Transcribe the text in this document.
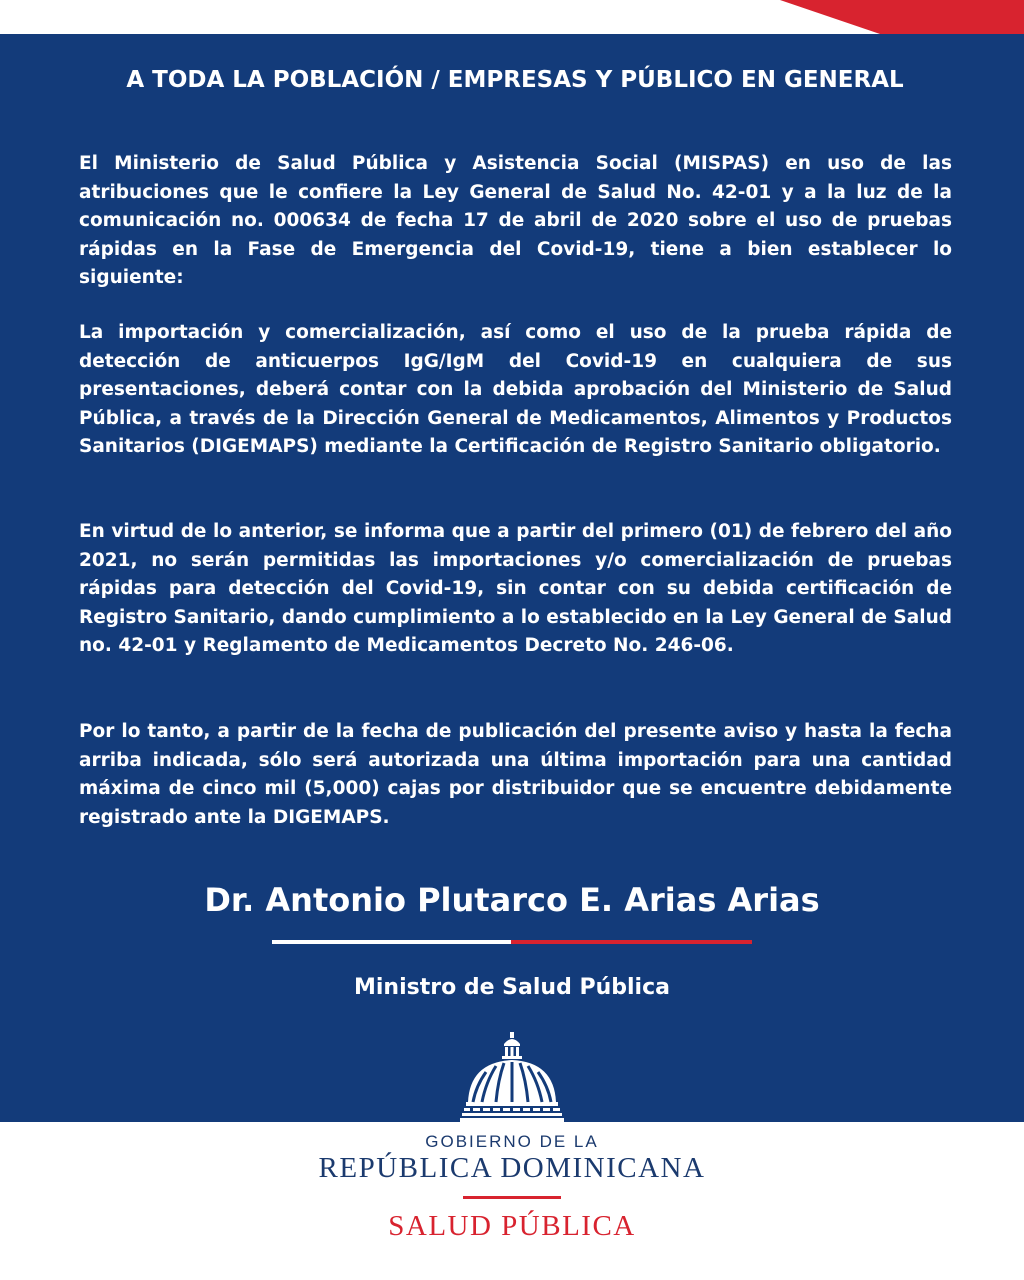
A TODA LA POBLACIÓN / EMPRESAS Y PÚBLICO EN GENERAL

El Ministerio de Salud Pública y Asistencia Social (MISPAS) en uso de las atribuciones que le confiere la Ley General de Salud No. 42-01 y a la luz de la comunicación no. 000634 de fecha 17 de abril de 2020 sobre el uso de pruebas rápidas en la Fase de Emergencia del Covid-19, tiene a bien establecer lo siguiente:

La importación y comercialización, así como el uso de la prueba rápida de detección de anticuerpos IgG/IgM del Covid-19 en cualquiera de sus presentaciones, deberá contar con la debida aprobación del Ministerio de Salud Pública, a través de la Dirección General de Medicamentos, Alimentos y Productos Sanitarios (DIGEMAPS) mediante la Certificación de Registro Sanitario obligatorio.

En virtud de lo anterior, se informa que a partir del primero (01) de febrero del año 2021, no serán permitidas las importaciones y/o comercialización de pruebas rápidas para detección del Covid-19, sin contar con su debida certificación de Registro Sanitario, dando cumplimiento a lo establecido en la Ley General de Salud no. 42-01 y Reglamento de Medicamentos Decreto No. 246-06.

Por lo tanto, a partir de la fecha de publicación del presente aviso y hasta la fecha arriba indicada, sólo será autorizada una última importación para una cantidad máxima de cinco mil (5,000) cajas por distribuidor que se encuentre debidamente registrado ante la DIGEMAPS.

Dr. Antonio Plutarco E. Arias Arias

Ministro de Salud Pública

GOBIERNO DE LA

REPÚBLICA DOMINICANA

SALUD PÚBLICA
